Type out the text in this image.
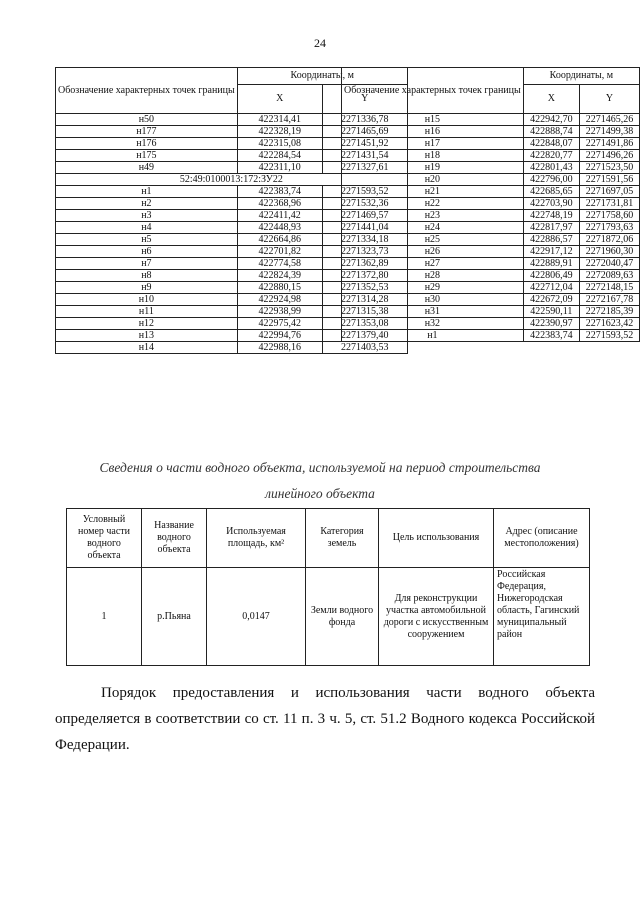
24
Обозначение характерных точек границы	Координаты, м	
	X	Y
н50	422314,41	2271336,78
н177	422328,19	2271465,69
н176	422315,08	2271451,92
н175	422284,54	2271431,54
н49	422311,10	2271327,61
52:49:0100013:172:ЗУ22		
н1	422383,74	2271593,52
н2	422368,96	2271532,36
н3	422411,42	2271469,57
н4	422448,93	2271441,04
н5	422664,86	2271334,18
н6	422701,82	2271323,73
н7	422774,58	2271362,89
н8	422824,39	2271372,80
н9	422880,15	2271352,53
н10	422924,98	2271314,28
н11	422938,99	2271315,38
н12	422975,42	2271353,08
н13	422994,76	2271379,40
н14	422988,16	2271403,53
Обозначение характерных точек границы	Координаты, м	
	X	Y
н15	422942,70	2271465,26
н16	422888,74	2271499,38
н17	422848,07	2271491,86
н18	422820,77	2271496,26
н19	422801,43	2271523,50
н20	422796,00	2271591,56
н21	422685,65	2271697,05
н22	422703,90	2271731,81
н23	422748,19	2271758,60
н24	422817,97	2271793,63
н25	422886,57	2271872,06
н26	422917,12	2271960,30
н27	422889,91	2272040,47
н28	422806,49	2272089,63
н29	422712,04	2272148,15
н30	422672,09	2272167,78
н31	422590,11	2272185,39
н32	422390,97	2271623,42
н1	422383,74	2271593,52
Сведения о части водного объекта, используемой на период строительства
линейного объекта
Условный номер части водного объекта	Название водного объекта	Используемая площадь, км²	Категория земель	Цель использования	Адрес (описание местоположения)
1	р.Пьяна	0,0147	Земли водного фонда	Для реконструкции участка автомобильной дороги с искусственным сооружением	Российская Федерация, Нижегородская область, Гагинский муниципальный район
Порядок предоставления и использования части водного объекта определяется в соответствии со ст. 11 п. 3 ч. 5, ст. 51.2 Водного кодекса Российской Федерации.
